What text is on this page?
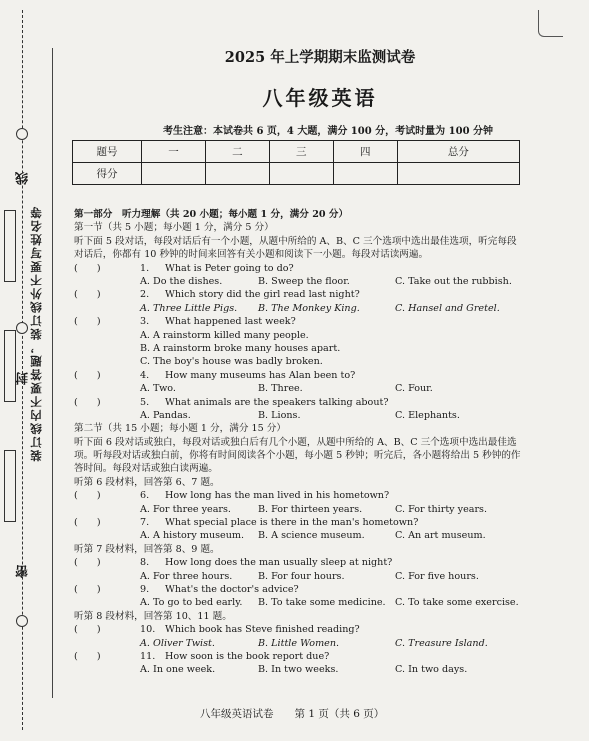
线
封
密
装订线内不要答题，装订线外不要写姓名等
2025 年上学期期末监测试卷
八年级英语
考生注意：本试卷共 6 页，4 大题，满分 100 分，考试时量为 100 分钟
题号	一	二	三	四	总分
得分					
第一部分　听力理解（共 20 小题；每小题 1 分，满分 20 分）
第一节（共 5 小题；每小题 1 分，满分 5 分）
听下面 5 段对话，每段对话后有一个小题，从题中所给的 A、B、C 三个选项中选出最佳选项，听完每段对话后，你都有 10 秒钟的时间来回答有关小题和阅读下一小题。每段对话读两遍。
(　　)	1.	What is Peter going to do?
A. Do the dishes.	B. Sweep the floor.	C. Take out the rubbish.
(　　)	2.	Which story did the girl read last night?
A. Three Little Pigs.	B. The Monkey King.	C. Hansel and Gretel.
(　　)	3.	What happened last week?
A. A rainstorm killed many people.
B. A rainstorm broke many houses apart.
C. The boy's house was badly broken.
(　　)	4.	How many museums has Alan been to?
A. Two.	B. Three.	C. Four.
(　　)	5.	What animals are the speakers talking about?
A. Pandas.	B. Lions.	C. Elephants.
第二节（共 15 小题；每小题 1 分，满分 15 分）
听下面 6 段对话或独白，每段对话或独白后有几个小题，从题中所给的 A、B、C 三个选项中选出最佳选项。听每段对话或独白前，你将有时间阅读各个小题，每小题 5 秒钟；听完后，各小题将给出 5 秒钟的作答时间。每段对话或独白读两遍。
听第 6 段材料，回答第 6、7 题。
(　　)	6.	How long has the man lived in his hometown?
A. For three years.	B. For thirteen years.	C. For thirty years.
(　　)	7.	What special place is there in the man's hometown?
A. A history museum.	B. A science museum.	C. An art museum.
听第 7 段材料，回答第 8、9 题。
(　　)	8.	How long does the man usually sleep at night?
A. For three hours.	B. For four hours.	C. For five hours.
(　　)	9.	What's the doctor's advice?
A. To go to bed early.	B. To take some medicine. C. To take some exercise.
听第 8 段材料，回答第 10、11 题。
(　　)	10.	Which book has Steve finished reading?
A. Oliver Twist.	B. Little Women.	C. Treasure Island.
(　　)	11.	How soon is the book report due?
A. In one week.	B. In two weeks.	C. In two days.
八年级英语试卷　　第 1 页（共 6 页）
